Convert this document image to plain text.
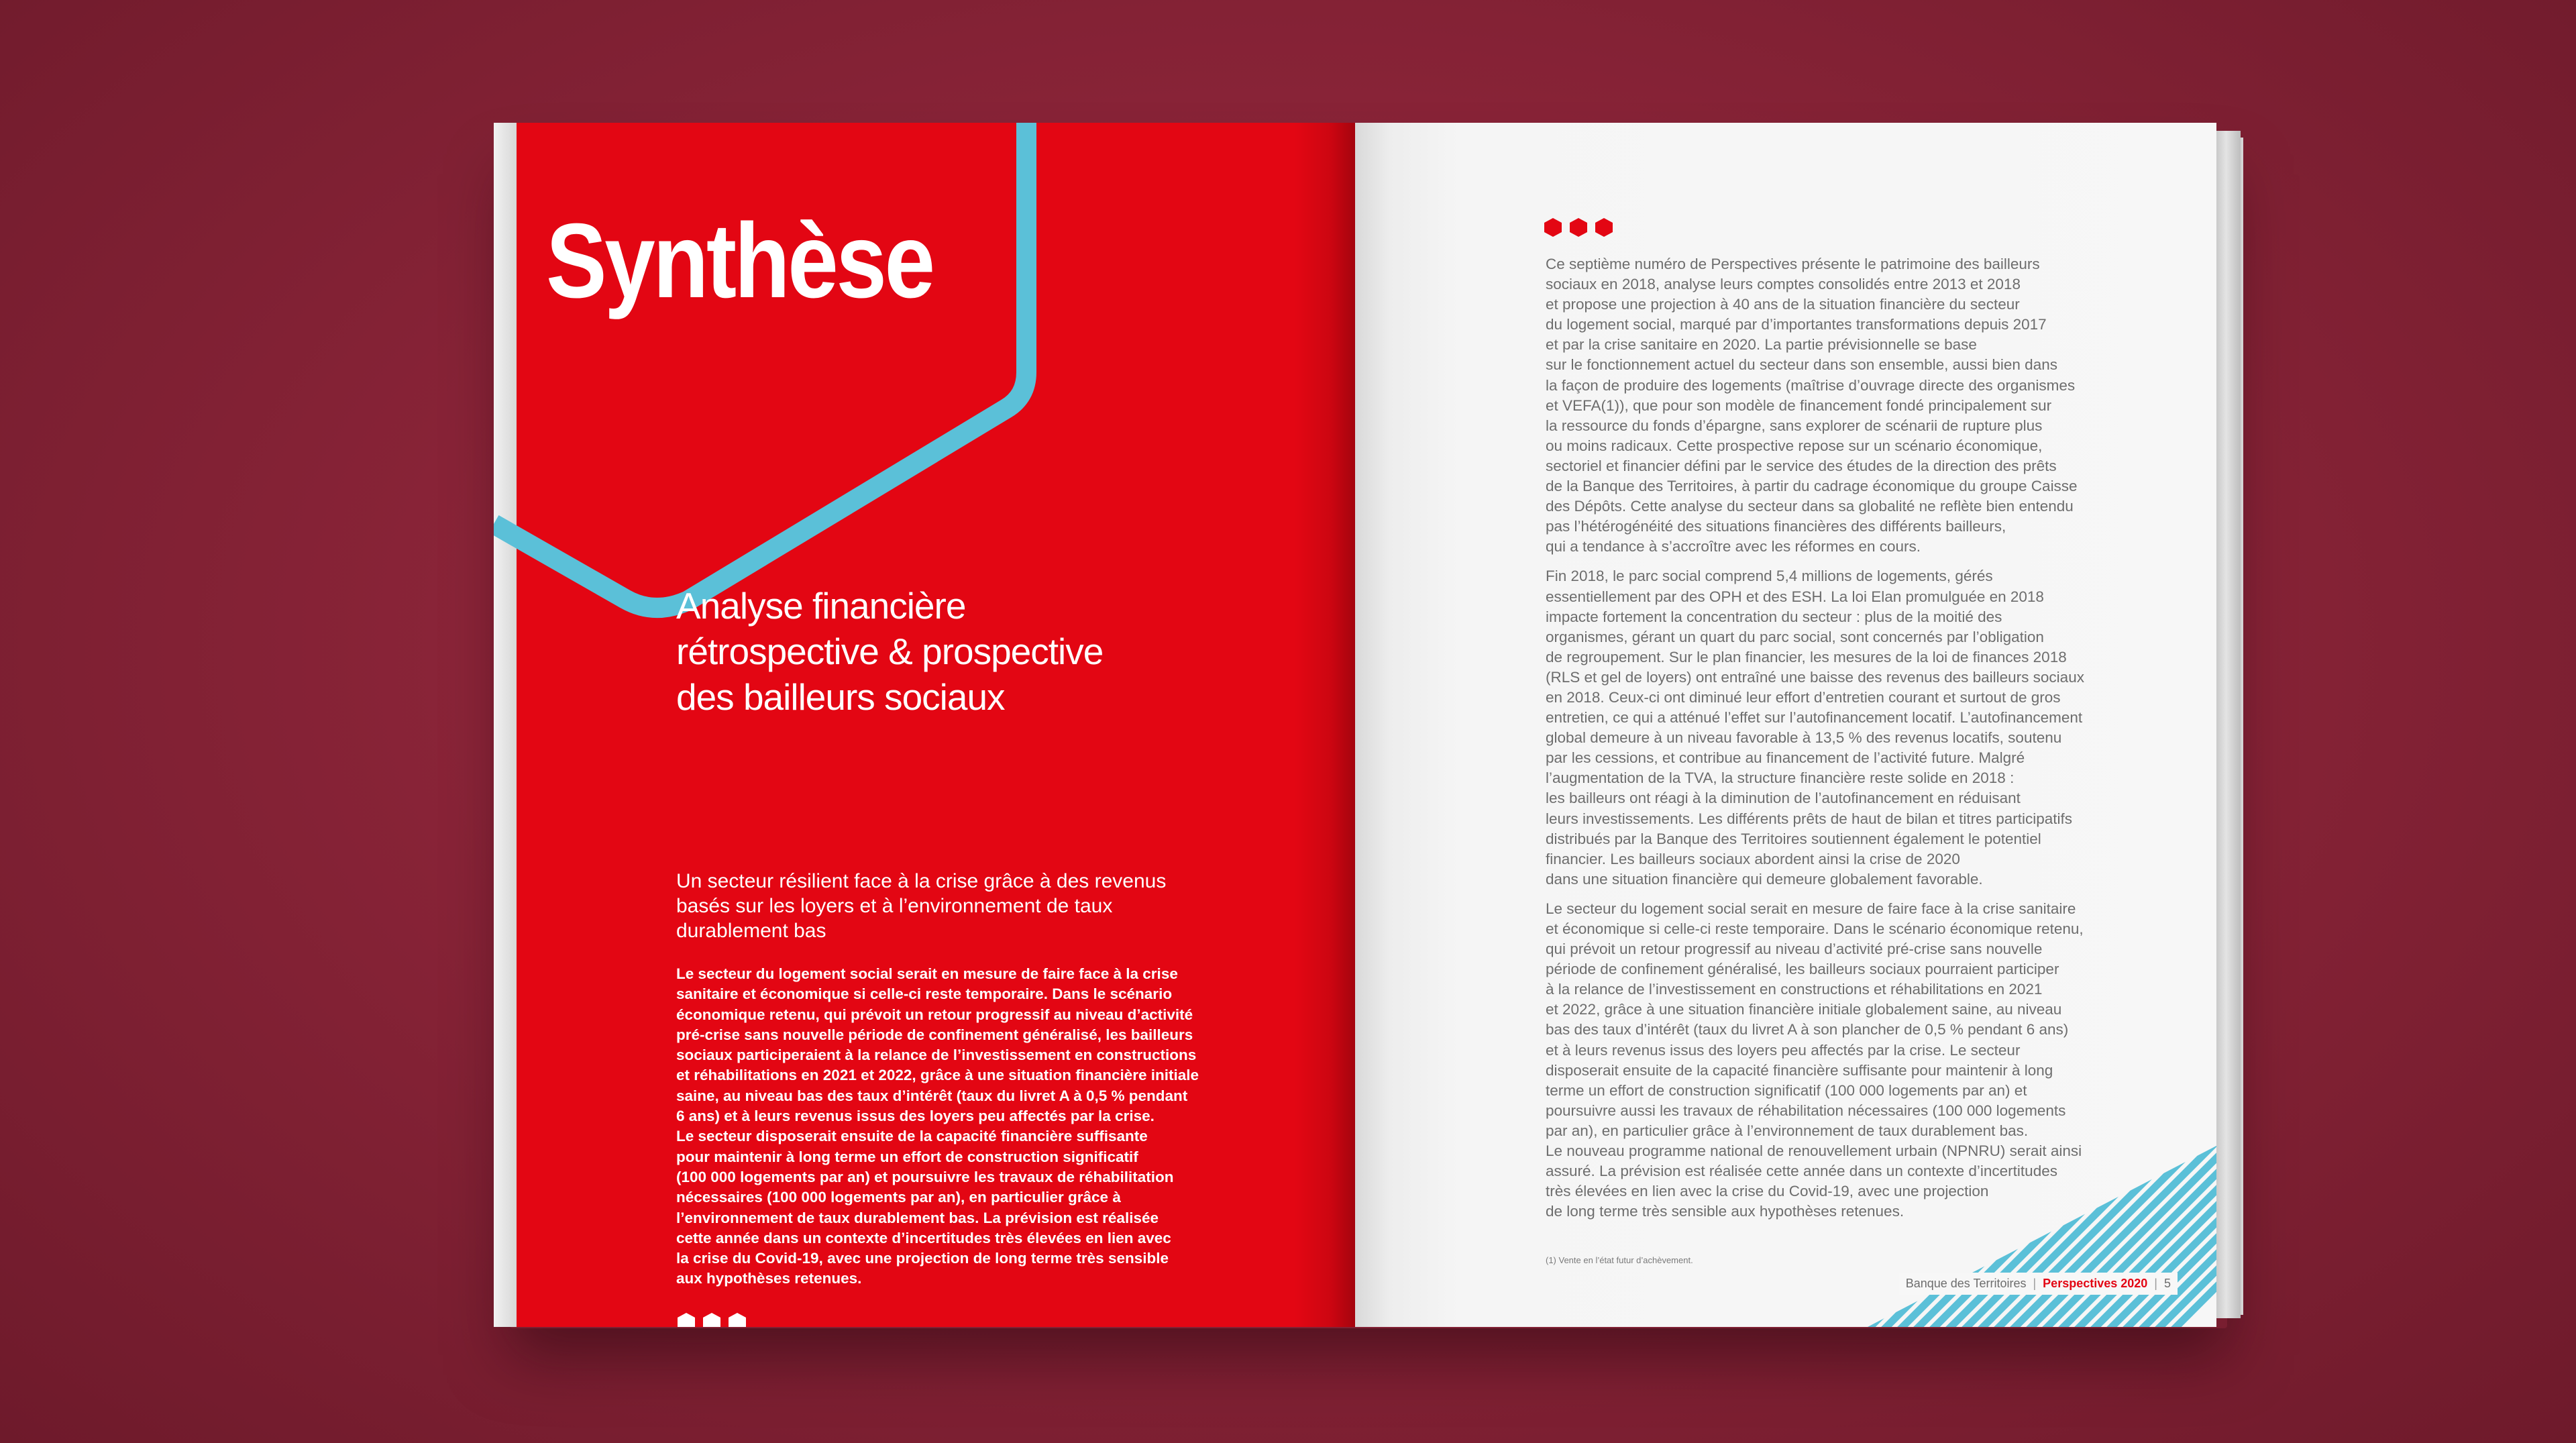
Synthèse
Analyse financière
rétrospective & prospective
des bailleurs sociaux

Un secteur résilient face à la crise grâce à des revenus
basés sur les loyers et à l’environnement de taux
durablement bas

Le secteur du logement social serait en mesure de faire face à la crise
sanitaire et économique si celle-ci reste temporaire. Dans le scénario
économique retenu, qui prévoit un retour progressif au niveau d’activité
pré-crise sans nouvelle période de confinement généralisé, les bailleurs
sociaux participeraient à la relance de l’investissement en constructions
et réhabilitations en 2021 et 2022, grâce à une situation financière initiale
saine, au niveau bas des taux d’intérêt (taux du livret A à 0,5 % pendant
6 ans) et à leurs revenus issus des loyers peu affectés par la crise.
Le secteur disposerait ensuite de la capacité financière suffisante
pour maintenir à long terme un effort de construction significatif
(100 000 logements par an) et poursuivre les travaux de réhabilitation
nécessaires (100 000 logements par an), en particulier grâce à
l’environnement de taux durablement bas. La prévision est réalisée
cette année dans un contexte d’incertitudes très élevées en lien avec
la crise du Covid-19, avec une projection de long terme très sensible
aux hypothèses retenues.

Ce septième numéro de Perspectives présente le patrimoine des bailleurs
sociaux en 2018, analyse leurs comptes consolidés entre 2013 et 2018
et propose une projection à 40 ans de la situation financière du secteur
du logement social, marqué par d’importantes transformations depuis 2017
et par la crise sanitaire en 2020. La partie prévisionnelle se base
sur le fonctionnement actuel du secteur dans son ensemble, aussi bien dans
la façon de produire des logements (maîtrise d’ouvrage directe des organismes
et VEFA(1)), que pour son modèle de financement fondé principalement sur
la ressource du fonds d’épargne, sans explorer de scénarii de rupture plus
ou moins radicaux. Cette prospective repose sur un scénario économique,
sectoriel et financier défini par le service des études de la direction des prêts
de la Banque des Territoires, à partir du cadrage économique du groupe Caisse
des Dépôts. Cette analyse du secteur dans sa globalité ne reflète bien entendu
pas l’hétérogénéité des situations financières des différents bailleurs,
qui a tendance à s’accroître avec les réformes en cours.

Fin 2018, le parc social comprend 5,4 millions de logements, gérés
essentiellement par des OPH et des ESH. La loi Elan promulguée en 2018
impacte fortement la concentration du secteur : plus de la moitié des
organismes, gérant un quart du parc social, sont concernés par l’obligation
de regroupement. Sur le plan financier, les mesures de la loi de finances 2018
(RLS et gel de loyers) ont entraîné une baisse des revenus des bailleurs sociaux
en 2018. Ceux-ci ont diminué leur effort d’entretien courant et surtout de gros
entretien, ce qui a atténué l’effet sur l’autofinancement locatif. L’autofinancement
global demeure à un niveau favorable à 13,5 % des revenus locatifs, soutenu
par les cessions, et contribue au financement de l’activité future. Malgré
l’augmentation de la TVA, la structure financière reste solide en 2018 :
les bailleurs ont réagi à la diminution de l’autofinancement en réduisant
leurs investissements. Les différents prêts de haut de bilan et titres participatifs
distribués par la Banque des Territoires soutiennent également le potentiel
financier. Les bailleurs sociaux abordent ainsi la crise de 2020
dans une situation financière qui demeure globalement favorable.

Le secteur du logement social serait en mesure de faire face à la crise sanitaire
et économique si celle-ci reste temporaire. Dans le scénario économique retenu,
qui prévoit un retour progressif au niveau d’activité pré-crise sans nouvelle
période de confinement généralisé, les bailleurs sociaux pourraient participer
à la relance de l’investissement en constructions et réhabilitations en 2021
et 2022, grâce à une situation financière initiale globalement saine, au niveau
bas des taux d’intérêt (taux du livret A à son plancher de 0,5 % pendant 6 ans)
et à leurs revenus issus des loyers peu affectés par la crise. Le secteur
disposerait ensuite de la capacité financière suffisante pour maintenir à long
terme un effort de construction significatif (100 000 logements par an) et
poursuivre aussi les travaux de réhabilitation nécessaires (100 000 logements
par an), en particulier grâce à l’environnement de taux durablement bas.
Le nouveau programme national de renouvellement urbain (NPNRU) serait ainsi
assuré. La prévision est réalisée cette année dans un contexte d’incertitudes
très élevées en lien avec la crise du Covid-19, avec une projection
de long terme très sensible aux hypothèses retenues.

(1) Vente en l’état futur d’achèvement.
Banque des Territoires | Perspectives 2020 | 5
